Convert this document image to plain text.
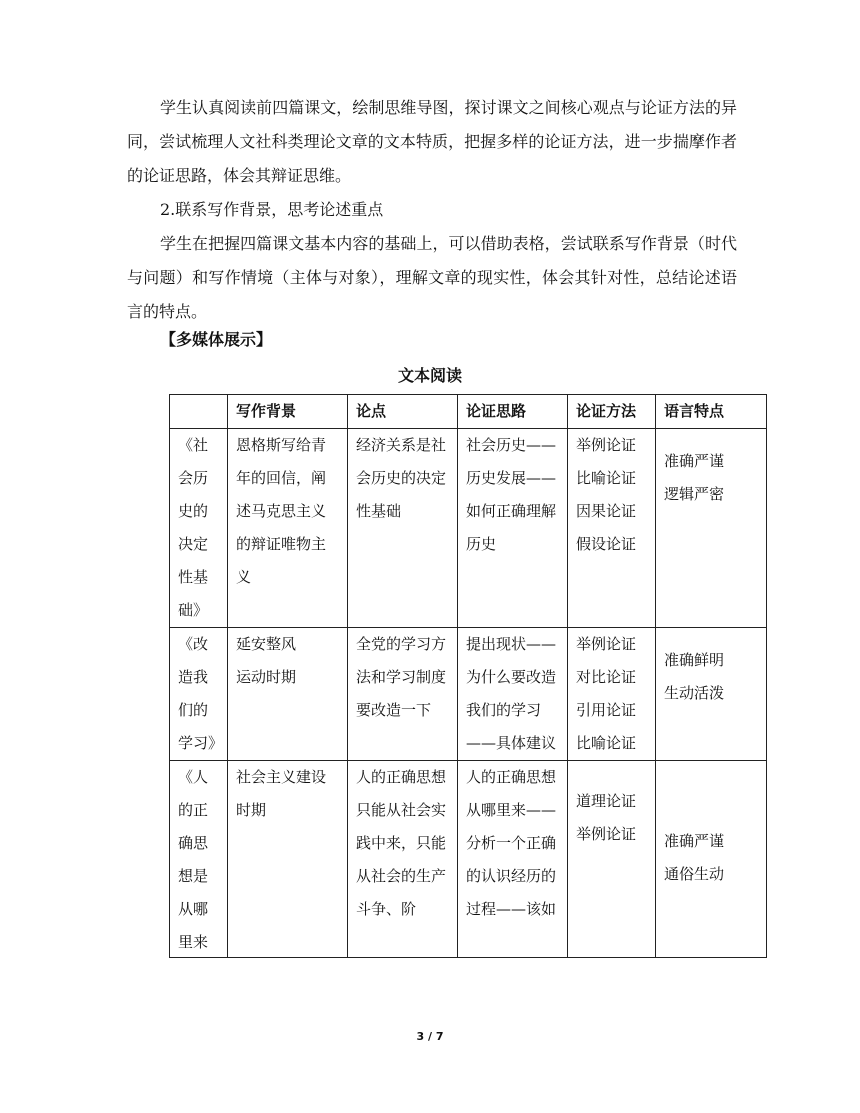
学生认真阅读前四篇课文，绘制思维导图，探讨课文之间核心观点与论证方法的异同，尝试梳理人文社科类理论文章的文本特质，把握多样的论证方法，进一步揣摩作者的论证思路，体会其辩证思维。

2.联系写作背景，思考论述重点

学生在把握四篇课文基本内容的基础上，可以借助表格，尝试联系写作背景（时代与问题）和写作情境（主体与对象），理解文章的现实性，体会其针对性，总结论述语言的特点。

【多媒体展示】

文本阅读
	写作背景	论点	论证思路	论证方法	语言特点
《社会历史的决定性基础》	恩格斯写给青年的回信，阐述马克思主义的辩证唯物主义	经济关系是社会历史的决定性基础	社会历史——历史发展——如何正确理解历史	举例论证
比喻论证
因果论证
假设论证	准确严谨
逻辑严密
《改造我们的学习》	延安整风
运动时期	全党的学习方法和学习制度要改造一下	提出现状——为什么要改造我们的学习——具体建议	举例论证
对比论证
引用论证
比喻论证	准确鲜明
生动活泼

《人的正确思想是从哪里来	社会主义建设时期	人的正确思想
只能从社会实践中来，只能从社会的生产斗争、阶	人的正确思想从哪里来——分析一个正确的认识经历的过程——该如	道理论证
举例论证	准确严谨
通俗生动
3 / 7
